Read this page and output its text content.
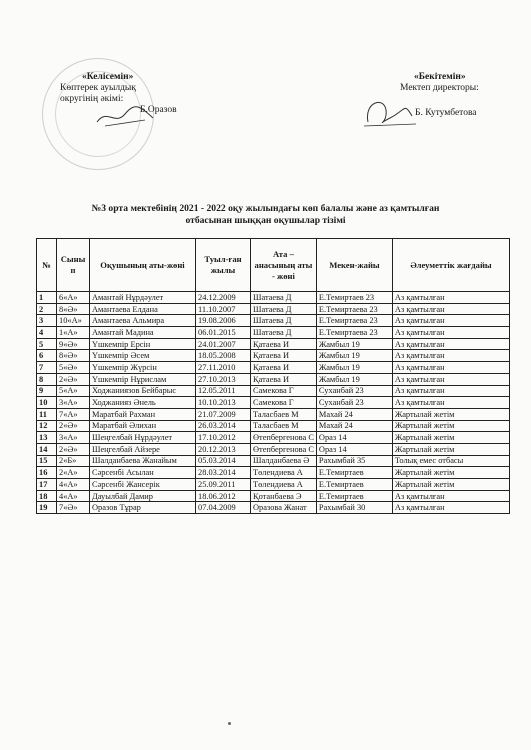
«Келісемін»
Көптерек ауылдық
округінің әкімі:
Б.Оразов
«Бекітемін»
Мектеп директоры:
Б. Кутумбетова
№3 орта мектебінің 2021 - 2022 оқу жылындағы көп балалы және аз қамтылған
отбасынан шыққан оқушылар тізімі
№	Сыны п	Оқушының аты-жөні	Туыл-ған жылы	Ата – анасының аты - жөні	Мекен-жайы	Әлеуметтік жағдайы
1	6«А»	Амантай Нұрдәулет	24.12.2009	Шатаева Д	Е.Темиртаев 23	Аз қамтылған
2	8«Ә»	Амантаева Елдана	11.10.2007	Шатаева Д	Е.Темиртаева 23	Аз қамтылған
3	10«А»	Амантаева Альмира	19.08.2006	Шатаева Д	Е.Темиртаева 23	Аз қамтылған
4	1«А»	Амантай Мадина	06.01.2015	Шатаева Д	Е.Темиртаева 23	Аз қамтылған
5	9«Ә»	Үшкемпір Ерсін	24.01.2007	Қатаева И	Жамбыл 19	Аз қамтылған
6	8«Ә»	Үшкемпір Әсем	18.05.2008	Қатаева И	Жамбыл 19	Аз қамтылған
7	5«Ә»	Үшкемпір Жүрсін	27.11.2010	Қатаева И	Жамбыл 19	Аз қамтылған
8	2«Ә»	Үшкемпір Нұрислам	27.10.2013	Қатаева И	Жамбыл 19	Аз қамтылған
9	5«А»	Ходжаниязов Бейбарыс	12.05.2011	Самекова Г	Суханбай 23	Аз қамтылған
10	3«А»	Ходжанияз Әнель	10.10.2013	Самекова Г	Суханбай 23	Аз қамтылған
11	7«А»	Маратбай Рахман	21.07.2009	Таласбаев М	Махай 24	Жартылай жетім
12	2«Ә»	Маратбай Әлихан	26.03.2014	Таласбаев М	Махай 24	Жартылай жетім
13	3«А»	Шеңгелбай Нұрдәулет	17.10.2012	Өтепбергенова С	Ораз 14	Жартылай жетім
14	2«Ә»	Шеңгелбай Айзере	20.12.2013	Өтепбергенова С	Ораз 14	Жартылай жетім
15	2«Б»	Шалданбаева Жанайым	05.03.2014	Шалданбаева Ә	Рахымбай 35	Толық емес отбасы
16	2«А»	Сәрсенбі Асылан	28.03.2014	Төлендиева А	Е.Темиртаев	Жартылай жетім
17	4«А»	Сәрсенбі Жансерік	25.09.2011	Төлендиева А	Е.Темиртаев	Жартылай жетім
18	4«А»	Дауылбай Дамир	18.06.2012	Қотанбаева Э	Е.Темиртаев	Аз қамтылған
19	7«Ә»	Оразов Тұрар	07.04.2009	Оразова Жанат	Рахымбай 30	Аз қамтылған
